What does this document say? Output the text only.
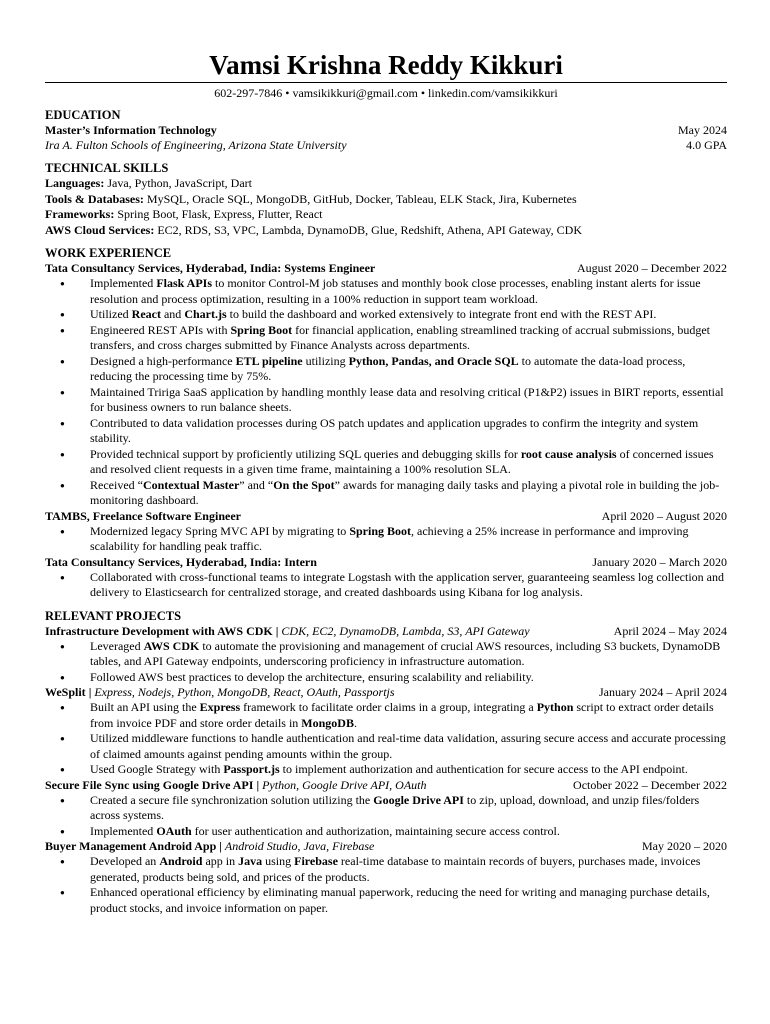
Vamsi Krishna Reddy Kikkuri
602-297-7846 • vamsikikkuri@gmail.com • linkedin.com/vamsikikkuri
EDUCATION
Master’s Information Technology	May 2024
Ira A. Fulton Schools of Engineering, Arizona State University	4.0 GPA
TECHNICAL SKILLS
Languages: Java, Python, JavaScript, Dart
Tools & Databases: MySQL, Oracle SQL, MongoDB, GitHub, Docker, Tableau, ELK Stack, Jira, Kubernetes
Frameworks: Spring Boot, Flask, Express, Flutter, React
AWS Cloud Services: EC2, RDS, S3, VPC, Lambda, DynamoDB, Glue, Redshift, Athena, API Gateway, CDK
WORK EXPERIENCE
Tata Consultancy Services, Hyderabad, India: Systems Engineer	August 2020 – December 2022
● Implemented Flask APIs to monitor Control-M job statuses and monthly book close processes, enabling instant alerts for issue resolution and process optimization, resulting in a 100% reduction in support team workload.
● Utilized React and Chart.js to build the dashboard and worked extensively to integrate front end with the REST API.
● Engineered REST APIs with Spring Boot for financial application, enabling streamlined tracking of accrual submissions, budget transfers, and cross charges submitted by Finance Analysts across departments.
● Designed a high-performance ETL pipeline utilizing Python, Pandas, and Oracle SQL to automate the data-load process, reducing the processing time by 75%.
● Maintained Tririga SaaS application by handling monthly lease data and resolving critical (P1&P2) issues in BIRT reports, essential for business owners to run balance sheets.
● Contributed to data validation processes during OS patch updates and application upgrades to confirm the integrity and system stability.
● Provided technical support by proficiently utilizing SQL queries and debugging skills for root cause analysis of concerned issues and resolved client requests in a given time frame, maintaining a 100% resolution SLA.
● Received “Contextual Master” and “On the Spot” awards for managing daily tasks and playing a pivotal role in building the job-monitoring dashboard.
TAMBS, Freelance Software Engineer	April 2020 – August 2020
● Modernized legacy Spring MVC API by migrating to Spring Boot, achieving a 25% increase in performance and improving scalability for handling peak traffic.
Tata Consultancy Services, Hyderabad, India: Intern	January 2020 – March 2020
● Collaborated with cross-functional teams to integrate Logstash with the application server, guaranteeing seamless log collection and delivery to Elasticsearch for centralized storage, and created dashboards using Kibana for log analysis.
RELEVANT PROJECTS
Infrastructure Development with AWS CDK | CDK, EC2, DynamoDB, Lambda, S3, API Gateway	April 2024 – May 2024
● Leveraged AWS CDK to automate the provisioning and management of crucial AWS resources, including S3 buckets, DynamoDB tables, and API Gateway endpoints, underscoring proficiency in infrastructure automation.
● Followed AWS best practices to develop the architecture, ensuring scalability and reliability.
WeSplit | Express, Nodejs, Python, MongoDB, React, OAuth, Passportjs	January 2024 – April 2024
● Built an API using the Express framework to facilitate order claims in a group, integrating a Python script to extract order details from invoice PDF and store order details in MongoDB.
● Utilized middleware functions to handle authentication and real-time data validation, assuring secure access and accurate processing of claimed amounts against pending amounts within the group.
● Used Google Strategy with Passport.js to implement authorization and authentication for secure access to the API endpoint.
Secure File Sync using Google Drive API | Python, Google Drive API, OAuth	October 2022 – December 2022
● Created a secure file synchronization solution utilizing the Google Drive API to zip, upload, download, and unzip files/folders across systems.
● Implemented OAuth for user authentication and authorization, maintaining secure access control.
Buyer Management Android App | Android Studio, Java, Firebase	May 2020 – 2020
● Developed an Android app in Java using Firebase real-time database to maintain records of buyers, purchases made, invoices generated, products being sold, and prices of the products.
● Enhanced operational efficiency by eliminating manual paperwork, reducing the need for writing and managing purchase details, product stocks, and invoice information on paper.
